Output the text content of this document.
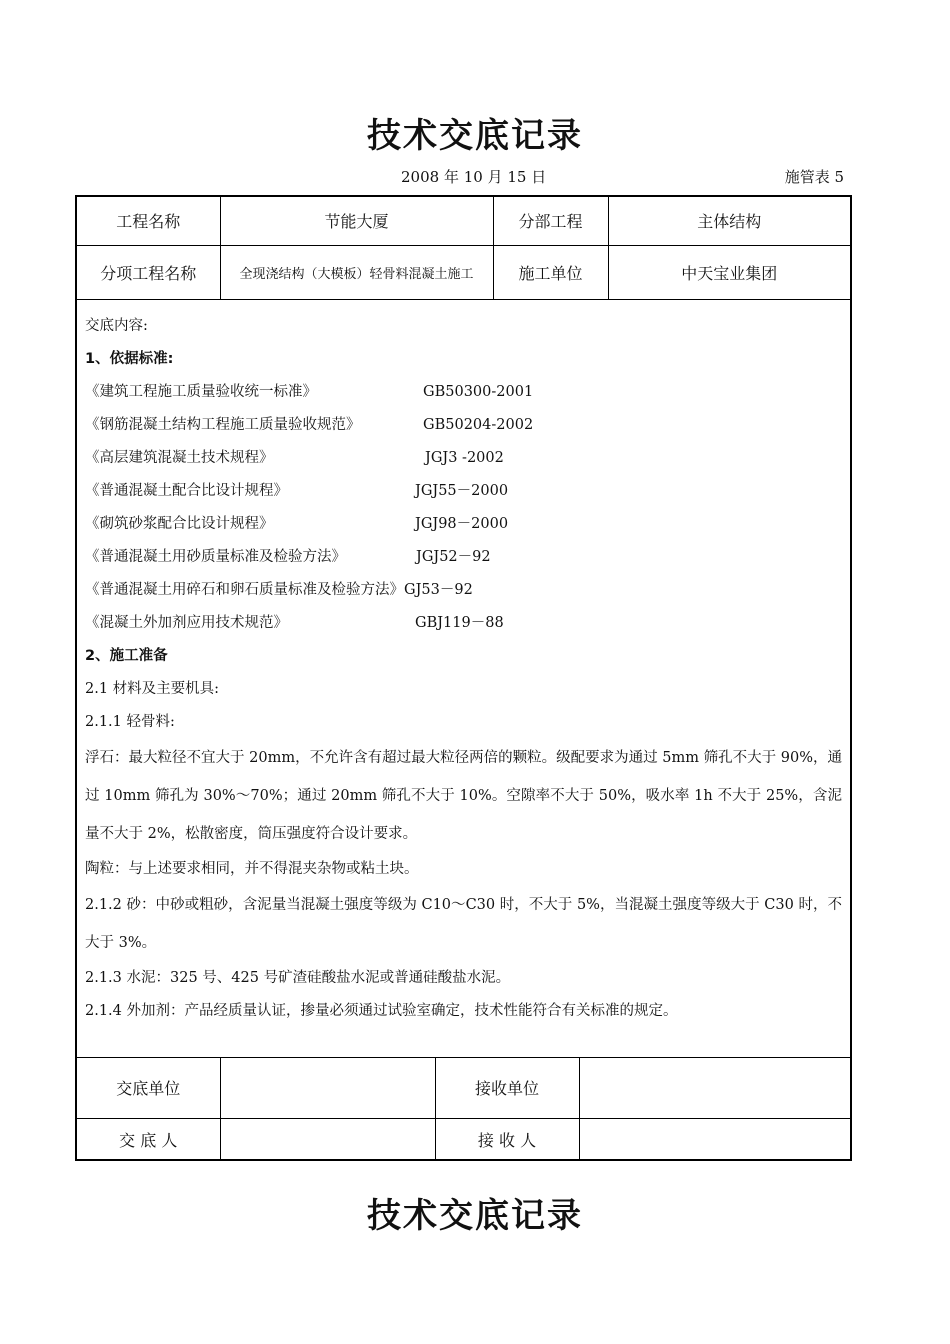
技术交底记录
2008 年 10 月 15 日	施管表 5
工程名称	节能大厦	分部工程	主体结构
分项工程名称	全现浇结构（大模板）轻骨料混凝土施工	施工单位	中天宝业集团

交底内容:

1、依据标准:

《建筑工程施工质量验收统一标准》	GB50300-2001
《钢筋混凝土结构工程施工质量验收规范》	GB50204-2002
《高层建筑混凝土技术规程》	JGJ3 -2002
《普通混凝土配合比设计规程》	JGJ55－2000
《砌筑砂浆配合比设计规程》	JGJ98－2000
《普通混凝土用砂质量标准及检验方法》	JGJ52－92
《普通混凝土用碎石和卵石质量标准及检验方法》 GJ53－92
《混凝土外加剂应用技术规范》	GBJ119－88

2、施工准备

2.1 材料及主要机具:

2.1.1 轻骨料:

浮石：最大粒径不宜大于 20mm，不允许含有超过最大粒径两倍的颗粒。级配要求为通过 5mm 筛孔不大于 90%，通过 10mm 筛孔为 30%～70%；通过 20mm 筛孔不大于 10%。空隙率不大于 50%，吸水率 1h 不大于 25%，含泥量不大于 2%，松散密度，筒压强度符合设计要求。

陶粒：与上述要求相同，并不得混夹杂物或粘土块。

2.1.2 砂：中砂或粗砂，含泥量当混凝土强度等级为 C10～C30 时，不大于 5%，当混凝土强度等级大于 C30 时，不大于 3%。

2.1.3 水泥：325 号、425 号矿渣硅酸盐水泥或普通硅酸盐水泥。

2.1.4 外加剂：产品经质量认证，掺量必须通过试验室确定，技术性能符合有关标准的规定。

交底单位		接收单位	
交 底 人		接 收 人	
技术交底记录
